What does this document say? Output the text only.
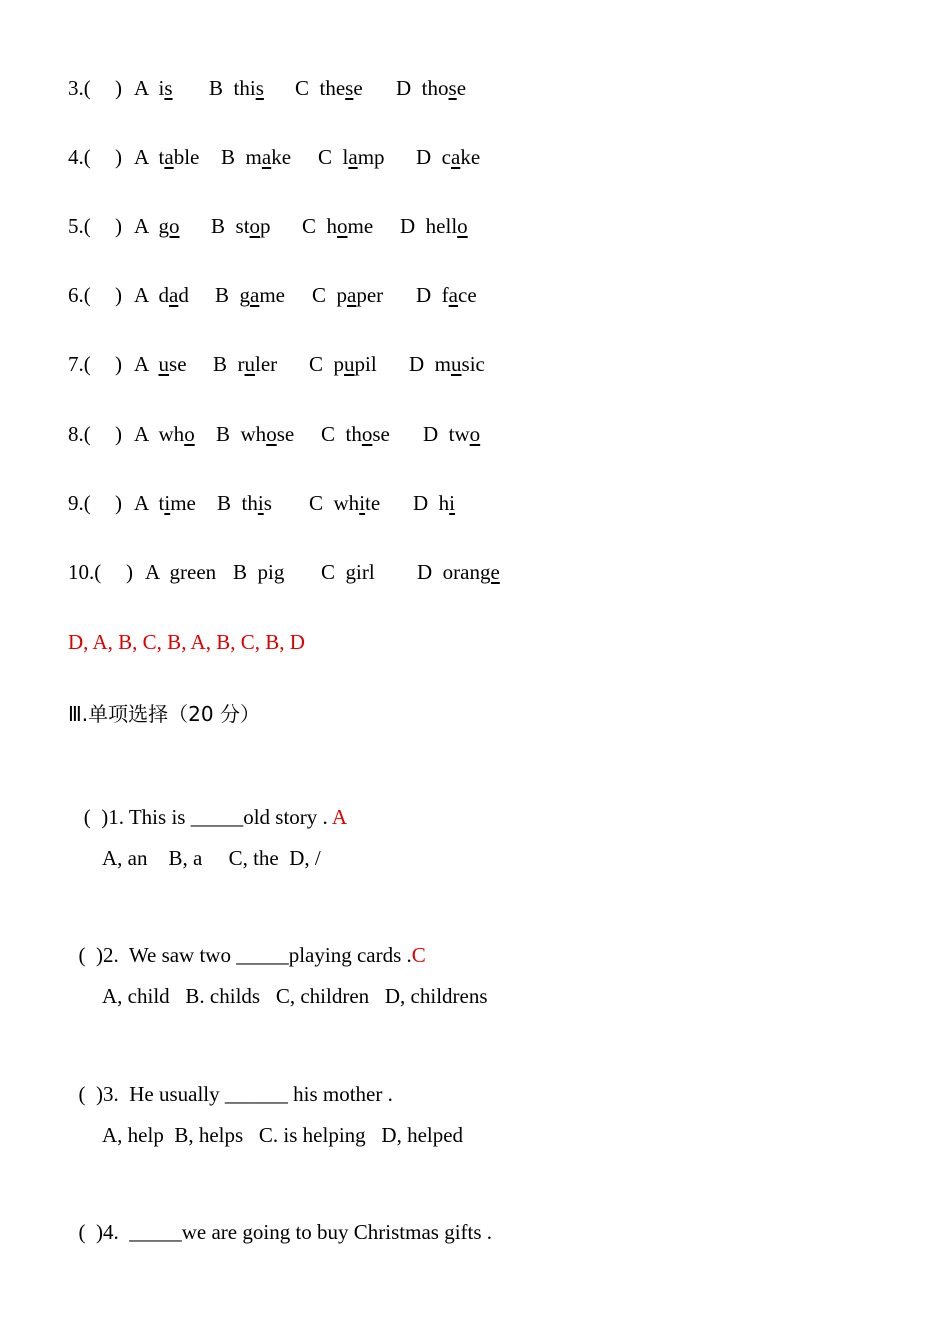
3.( ) A  is B  this C  these D  those
4.( ) A  table B  make C  lamp D  cake
5.( ) A  go B  stop C  home D  hello
6.( ) A  dad B  game C  paper D  face
7.( ) A  use B  ruler C  pupil D  music
8.( ) A  who B  whose C  those D  two
9.( ) A  time B  this C  white D  hi
10.( ) A  green B  pig C  girl D  orange
D, A, B, C, B, A, B, C, B, D
Ⅲ.单项选择（20 分）

(  )1. This is _____old story . A

A, an    B, a     C, the  D, /

(  )2.  We saw two _____playing cards .C

A, child   B. childs   C, children   D, childrens

(  )3.  He usually ______ his mother .

A, help  B, helps   C. is helping   D, helped

(  )4.  _____we are going to buy Christmas gifts .
